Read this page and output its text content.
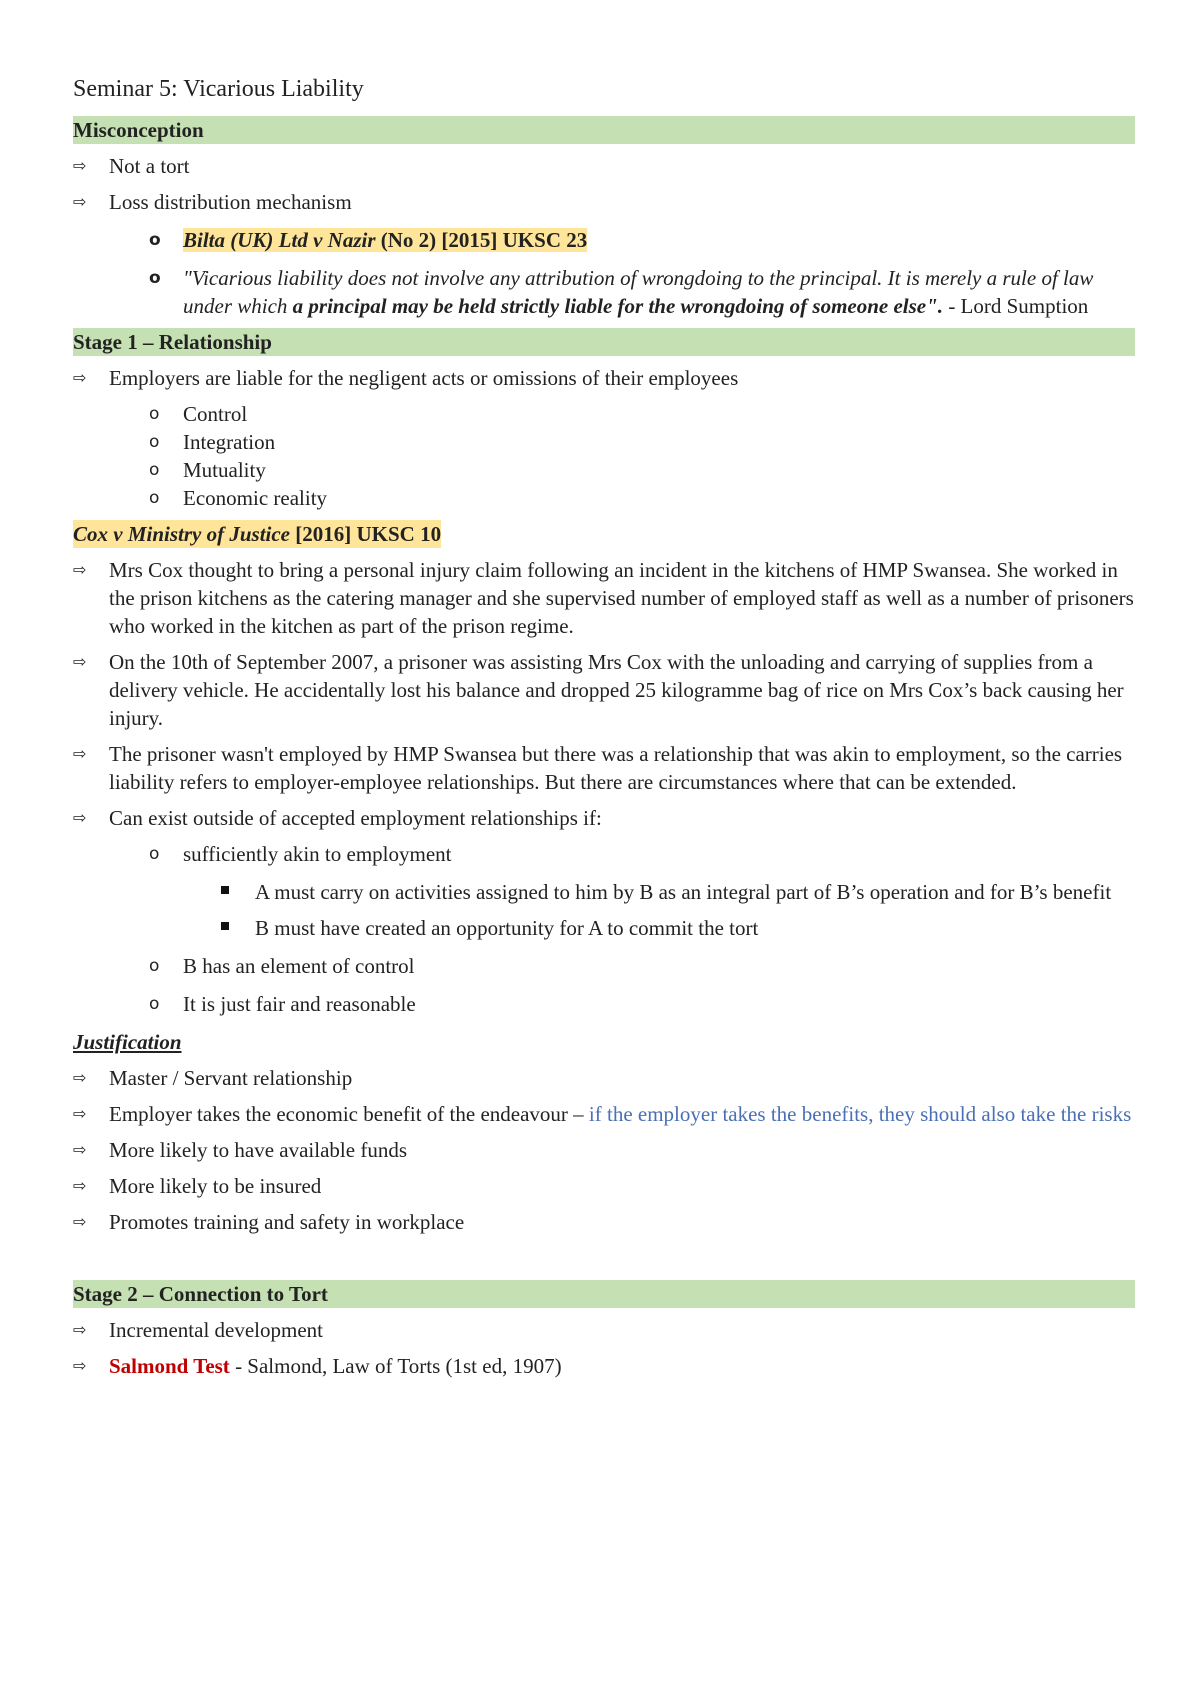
Seminar 5: Vicarious Liability
Misconception
⇨ Not a tort
⇨ Loss distribution mechanism
o Bilta (UK) Ltd v Nazir (No 2) [2015] UKSC 23
o "Vicarious liability does not involve any attribution of wrongdoing to the principal. It is merely a rule of law under which a principal may be held strictly liable for the wrongdoing of someone else". - Lord Sumption
Stage 1 – Relationship
⇨ Employers are liable for the negligent acts or omissions of their employees
o Control
o Integration
o Mutuality
o Economic reality
Cox v Ministry of Justice [2016] UKSC 10
⇨ Mrs Cox thought to bring a personal injury claim following an incident in the kitchens of HMP Swansea. She worked in the prison kitchens as the catering manager and she supervised number of employed staff as well as a number of prisoners who worked in the kitchen as part of the prison regime.
⇨ On the 10th of September 2007, a prisoner was assisting Mrs Cox with the unloading and carrying of supplies from a delivery vehicle. He accidentally lost his balance and dropped 25 kilogramme bag of rice on Mrs Cox’s back causing her injury.
⇨ The prisoner wasn't employed by HMP Swansea but there was a relationship that was akin to employment, so the carries liability refers to employer-employee relationships. But there are circumstances where that can be extended.
⇨ Can exist outside of accepted employment relationships if:
o sufficiently akin to employment
A must carry on activities assigned to him by B as an integral part of B’s operation and for B’s benefit
B must have created an opportunity for A to commit the tort
o B has an element of control
o It is just fair and reasonable
Justification
⇨ Master / Servant relationship
⇨ Employer takes the economic benefit of the endeavour – if the employer takes the benefits, they should also take the risks
⇨ More likely to have available funds
⇨ More likely to be insured
⇨ Promotes training and safety in workplace
Stage 2 – Connection to Tort
⇨ Incremental development
⇨ Salmond Test - Salmond, Law of Torts (1st ed, 1907)
